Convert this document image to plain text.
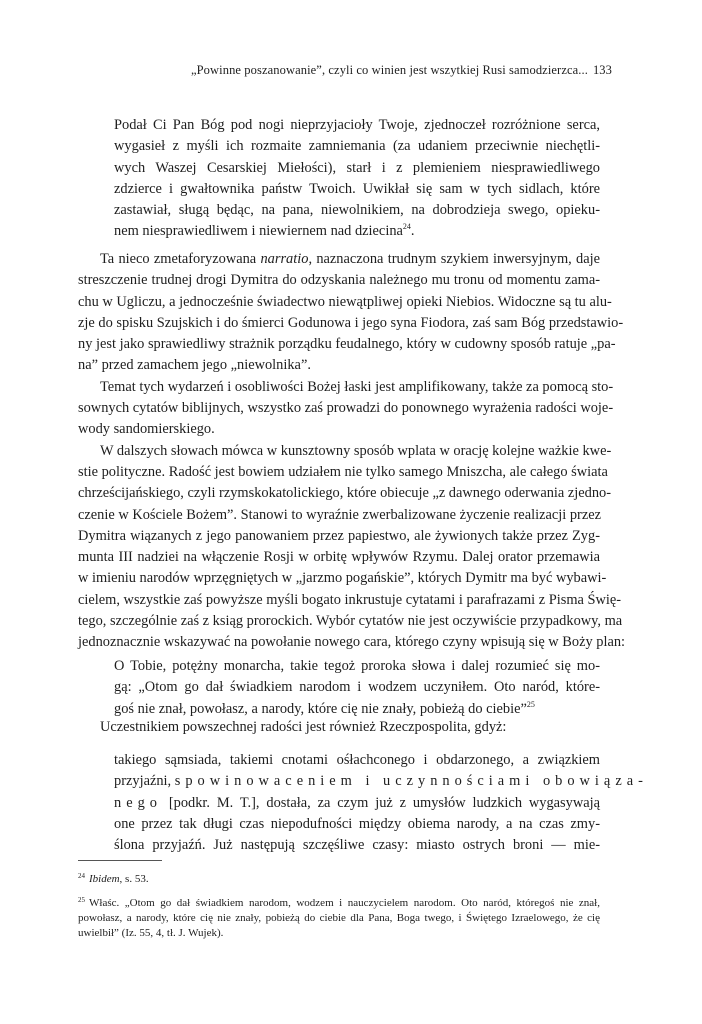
„Powinne poszanowanie”, czyli co winien jest wszytkiej Rusi samodzierzca... 133
Podał Ci Pan Bóg pod nogi nieprzyjacioły Twoje, zjednoczeł rozróżnione serca,
wygasieł z myśli ich rozmaite zamniemania (za udaniem przeciwnie niechętli-
wych Waszej Cesarskiej Miełości), starł i z plemieniem niesprawiedliwego
zdzierce i gwałtownika państw Twoich. Uwikłał się sam w tych sidlach, które
zastawiał, sługą będąc, na pana, niewolnikiem, na dobrodzieja swego, opieku-
nem niesprawiedliwem i niewiernem nad dziecina$^{24}$.
Ta nieco zmetaforyzowana narratio, naznaczona trudnym szykiem inwersyjnym, daje
streszczenie trudnej drogi Dymitra do odzyskania należnego mu tronu od momentu zama-
chu w Ugliczu, a jednocześnie świadectwo niewątpliwej opieki Niebios. Widoczne są tu alu-
zje do spisku Szujskich i do śmierci Godunowa i jego syna Fiodora, zaś sam Bóg przedstawio-
ny jest jako sprawiedliwy strażnik porządku feudalnego, który w cudowny sposób ratuje „pa-
na” przed zamachem jego „niewolnika”.
Temat tych wydarzeń i osobliwości Bożej łaski jest amplifikowany, także za pomocą sto-
sownych cytatów biblijnych, wszystko zaś prowadzi do ponownego wyrażenia radości woje-
wody sandomierskiego.
W dalszych słowach mówca w kunsztowny sposób wplata w orację kolejne ważkie kwe-
stie polityczne. Radość jest bowiem udziałem nie tylko samego Mniszcha, ale całego świata
chrześcijańskiego, czyli rzymskokatolickiego, które obiecuje „z dawnego oderwania zjedno-
czenie w Kościele Bożem”. Stanowi to wyraźnie zwerbalizowane życzenie realizacji przez
Dymitra wiązanych z jego panowaniem przez papiestwo, ale żywionych także przez Zyg-
munta III nadziei na włączenie Rosji w orbitę wpływów Rzymu. Dalej orator przemawia
w imieniu narodów wprzęgniętych w „jarzmo pogańskie”, których Dymitr ma być wybawi-
cielem, wszystkie zaś powyższe myśli bogato inkrustuje cytatami i parafrazami z Pisma Świę-
tego, szczególnie zaś z ksiąg prorockich. Wybór cytatów nie jest oczywiście przypadkowy, ma
jednoznacznie wskazywać na powołanie nowego cara, którego czyny wpisują się w Boży plan:
O Tobie, potężny monarcha, takie tegoż proroka słowa i dalej rozumieć się mo-
gą: „Otom go dał świadkiem narodom i wodzem uczyniłem. Oto naród, które-
goś nie znał, powołasz, a narody, które cię nie znały, pobieżą do ciebie”$^{25}$
Uczestnikiem powszechnej radości jest również Rzeczpospolita, gdyż:
takiego sąmsiada, takiemi cnotami ośłachconego i obdarzonego, a związkiem
przyjaźni, spowinowaceniem i uczynnościami obowiąza-
nego [podkr. M. T.], dostała, za czym już z umysłów ludzkich wygasywają
one przez tak długi czas niepodufności między obiema narody, a na czas zmy-
ślona przyjaźń. Już następują szczęśliwe czasy: miasto ostrych broni — mie-

$^{24}$ Ibidem, s. 53.

$^{25}$ Właśc. „Otom go dał świadkiem narodom, wodzem i nauczycielem narodom. Oto naród, któregoś nie znał,
powołasz, a narody, które cię nie znały, pobieżą do ciebie dla Pana, Boga twego, i Świętego Izraelowego, że cię
uwielbił” (Iz. 55, 4, tł. J. Wujek).
